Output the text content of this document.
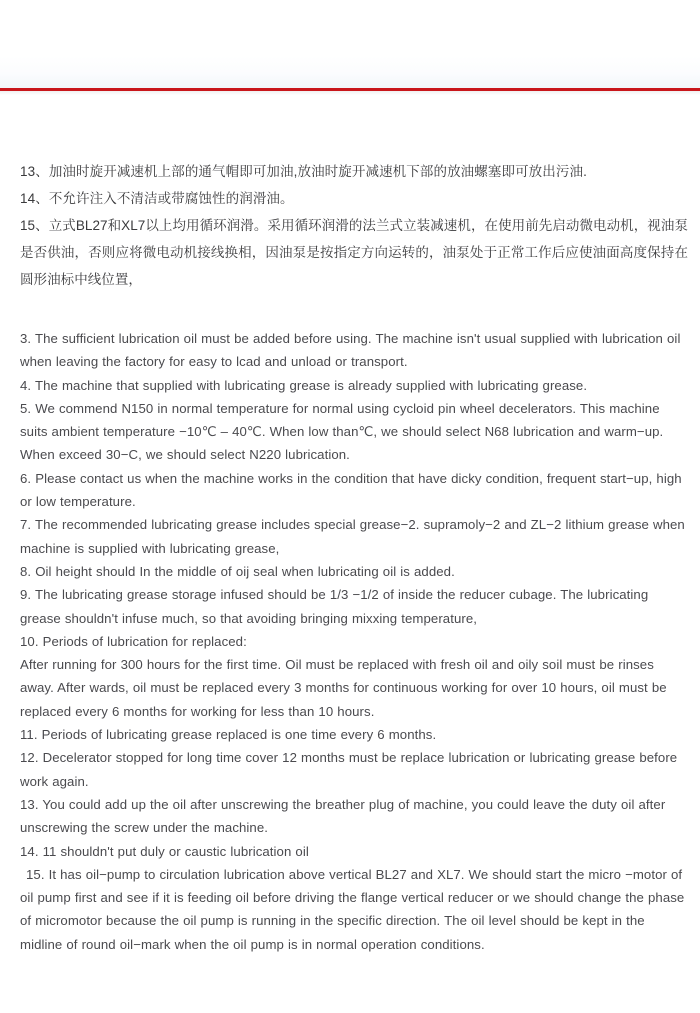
13、加油时旋开减速机上部的通气帽即可加油,放油时旋开减速机下部的放油螺塞即可放出污油.
14、不允许注入不清洁或带腐蚀性的润滑油。
15、立式BL27和XL7以上均用循环润滑。采用循环润滑的法兰式立装减速机，在使用前先启动微电动机，视油泵是否供油，否则应将微电动机接线换相，因油泵是按指定方向运转的，油泵处于正常工作后应使油面高度保持在圆形油标中线位置，
3. The sufficient lubrication oil must be added before using. The machine isn't usual supplied with lubrication oil when leaving the factory for easy to lcad and unload or transport.
4. The machine that supplied with lubricating grease is already supplied with lubricating grease.
5. We commend N150 in normal temperature for normal using cycloid pin wheel decelerators. This machine suits ambient temperature −10℃ – 40℃. When low than℃, we should select N68 lubrication and warm−up. When exceed 30−C, we should select N220 lubrication.
6. Please contact us when the machine works in the condition that have dicky condition, frequent start−up, high or low temperature.
7. The recommended lubricating grease includes special grease−2. supramoly−2 and ZL−2 lithium grease when machine is supplied with lubricating grease,
8. Oil height should In the middle of oij seal when lubricating oil is added.
9. The lubricating grease storage infused should be 1/3 −1/2 of inside the reducer cubage. The lubricating grease shouldn't infuse much, so that avoiding bringing mixxing temperature,
10. Periods of lubrication for replaced:
After running for 300 hours for the first time. Oil must be replaced with fresh oil and oily soil must be rinses away. After wards, oil must be replaced every 3 months for continuous working for over 10 hours, oil must be replaced every 6 months for working for less than 10 hours.
11. Periods of lubricating grease replaced is one time every 6 months.
12. Decelerator stopped for long time cover 12 months must be replace lubrication or lubricating grease before work again.
13. You could add up the oil after unscrewing the breather plug of machine, you could leave the duty oil after unscrewing the screw under the machine.
14. 11 shouldn't put duly or caustic lubrication oil
15. It has oil−pump to circulation lubrication above vertical BL27 and XL7. We should start the micro −motor of oil pump first and see if it is feeding oil before driving the flange vertical reducer or we should change the phase of micromotor because the oil pump is running in the specific direction. The oil level should be kept in the midline of round oil−mark when the oil pump is in normal operation conditions.
